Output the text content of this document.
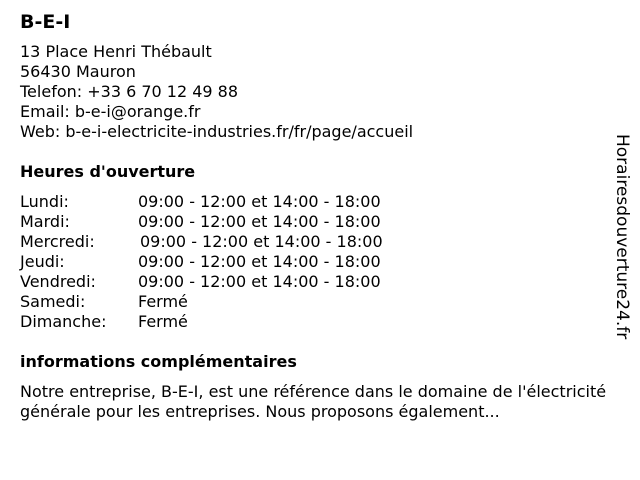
B-E-I
13 Place Henri Thébault
56430 Mauron
Telefon: +33 6 70 12 49 88
Email: b-e-i@orange.fr
Web: b-e-i-electricite-industries.fr/fr/page/accueil
Heures d'ouverture
Lundi:	09:00 - 12:00 et 14:00 - 18:00
Mardi:	09:00 - 12:00 et 14:00 - 18:00
Mercredi:	09:00 - 12:00 et 14:00 - 18:00
Jeudi:	09:00 - 12:00 et 14:00 - 18:00
Vendredi:	09:00 - 12:00 et 14:00 - 18:00
Samedi:	Fermé
Dimanche: Fermé
informations complémentaires
Notre entreprise, B-E-I, est une référence dans le domaine de l'électricité générale pour les entreprises. Nous proposons également...
Horairesdouverture24.fr
